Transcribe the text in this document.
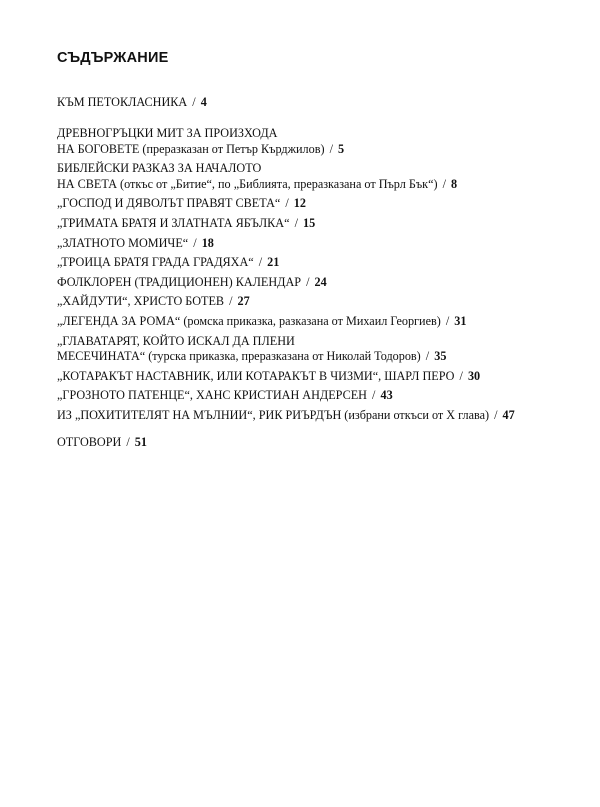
СЪДЪРЖАНИЕ
КЪМ ПЕТОКЛАСНИКА / 4
ДРЕВНОГРЪЦКИ МИТ ЗА ПРОИЗХОДА
НА БОГОВЕТЕ (преразказан от Петър Кърджилов) / 5
БИБЛЕЙСКИ РАЗКАЗ ЗА НАЧАЛОТО
НА СВЕТА (откъс от „Битие“, по „Библията, преразказана от Пърл Бък“) / 8
„ГОСПОД И ДЯВОЛЪТ ПРАВЯТ СВЕТА“ / 12
„ТРИМАТА БРАТЯ И ЗЛАТНАТА ЯБЪЛКА“ / 15
„ЗЛАТНОТО МОМИЧЕ“ / 18
„ТРОИЦА БРАТЯ ГРАДА ГРАДЯХА“ / 21
ФОЛКЛОРЕН (ТРАДИЦИОНЕН) КАЛЕНДАР / 24
„ХАЙДУТИ“, ХРИСТО БОТЕВ / 27
„ЛЕГЕНДА ЗА РОМА“ (ромска приказка, разказана от Михаил Георгиев) / 31
„ГЛАВАТАРЯТ, КОЙТО ИСКАЛ ДА ПЛЕНИ
МЕСЕЧИНАТА“ (турска приказка, преразказана от Николай Тодоров) / 35
„КОТАРАКЪТ НАСТАВНИК, ИЛИ КОТАРАКЪТ В ЧИЗМИ“, ШАРЛ ПЕРО / 30
„ГРОЗНОТО ПАТЕНЦЕ“, ХАНС КРИСТИАН АНДЕРСЕН / 43
ИЗ „ПОХИТИТЕЛЯТ НА МЪЛНИИ“, РИК РИЪРДЪН (избрани откъси от X глава) / 47
ОТГОВОРИ / 51
